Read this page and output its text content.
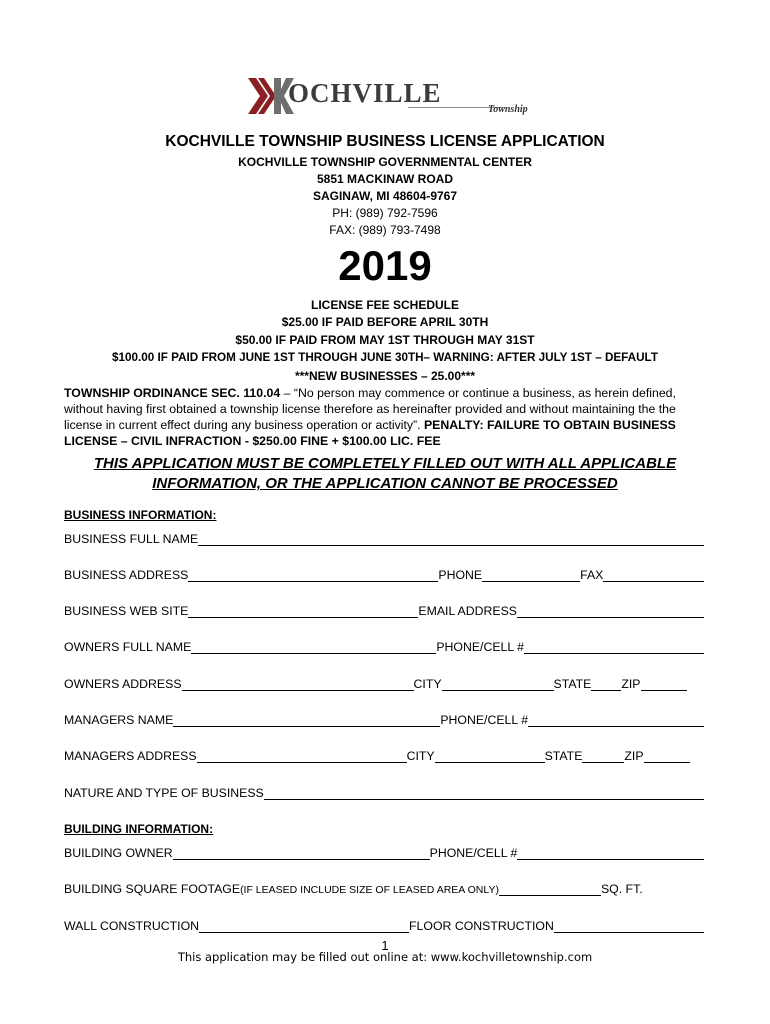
OCHVILLE
Township
KOCHVILLE TOWNSHIP BUSINESS LICENSE APPLICATION
KOCHVILLE TOWNSHIP GOVERNMENTAL CENTER
5851 MACKINAW ROAD
SAGINAW, MI 48604-9767
PH: (989) 792-7596
FAX: (989) 793-7498
2019
LICENSE FEE SCHEDULE
$25.00 IF PAID BEFORE APRIL 30TH
$50.00 IF PAID FROM MAY 1ST THROUGH MAY 31ST
$100.00 IF PAID FROM JUNE 1ST THROUGH JUNE 30TH– WARNING: AFTER JULY 1ST – DEFAULT
***NEW BUSINESSES – 25.00***
TOWNSHIP ORDINANCE SEC. 110.04 – “No person may commence or continue a business, as herein defined, without having first obtained a township license therefore as hereinafter provided and without maintaining the the license in current effect during any business operation or activity”. PENALTY: FAILURE TO OBTAIN BUSINESS LICENSE – CIVIL INFRACTION - $250.00 FINE + $100.00 LIC. FEE
THIS APPLICATION MUST BE COMPLETELY FILLED OUT WITH ALL APPLICABLE
INFORMATION, OR THE APPLICATION CANNOT BE PROCESSED
BUSINESS INFORMATION:
BUSINESS FULL NAME
BUSINESS ADDRESS	PHONE	FAX
BUSINESS WEB SITE	EMAIL ADDRESS
OWNERS FULL NAME	PHONE/CELL #
OWNERS ADDRESS	CITY	STATE ZIP
MANAGERS NAME	PHONE/CELL #
MANAGERS ADDRESS	CITY	STATE	ZIP
NATURE AND TYPE OF BUSINESS
BUILDING INFORMATION:
BUILDING OWNER	PHONE/CELL #
BUILDING SQUARE FOOTAGE (IF LEASED INCLUDE SIZE OF LEASED AREA ONLY)	SQ. FT.
WALL CONSTRUCTION	FLOOR CONSTRUCTION
1
This application may be filled out online at: www.kochvilletownship.com
